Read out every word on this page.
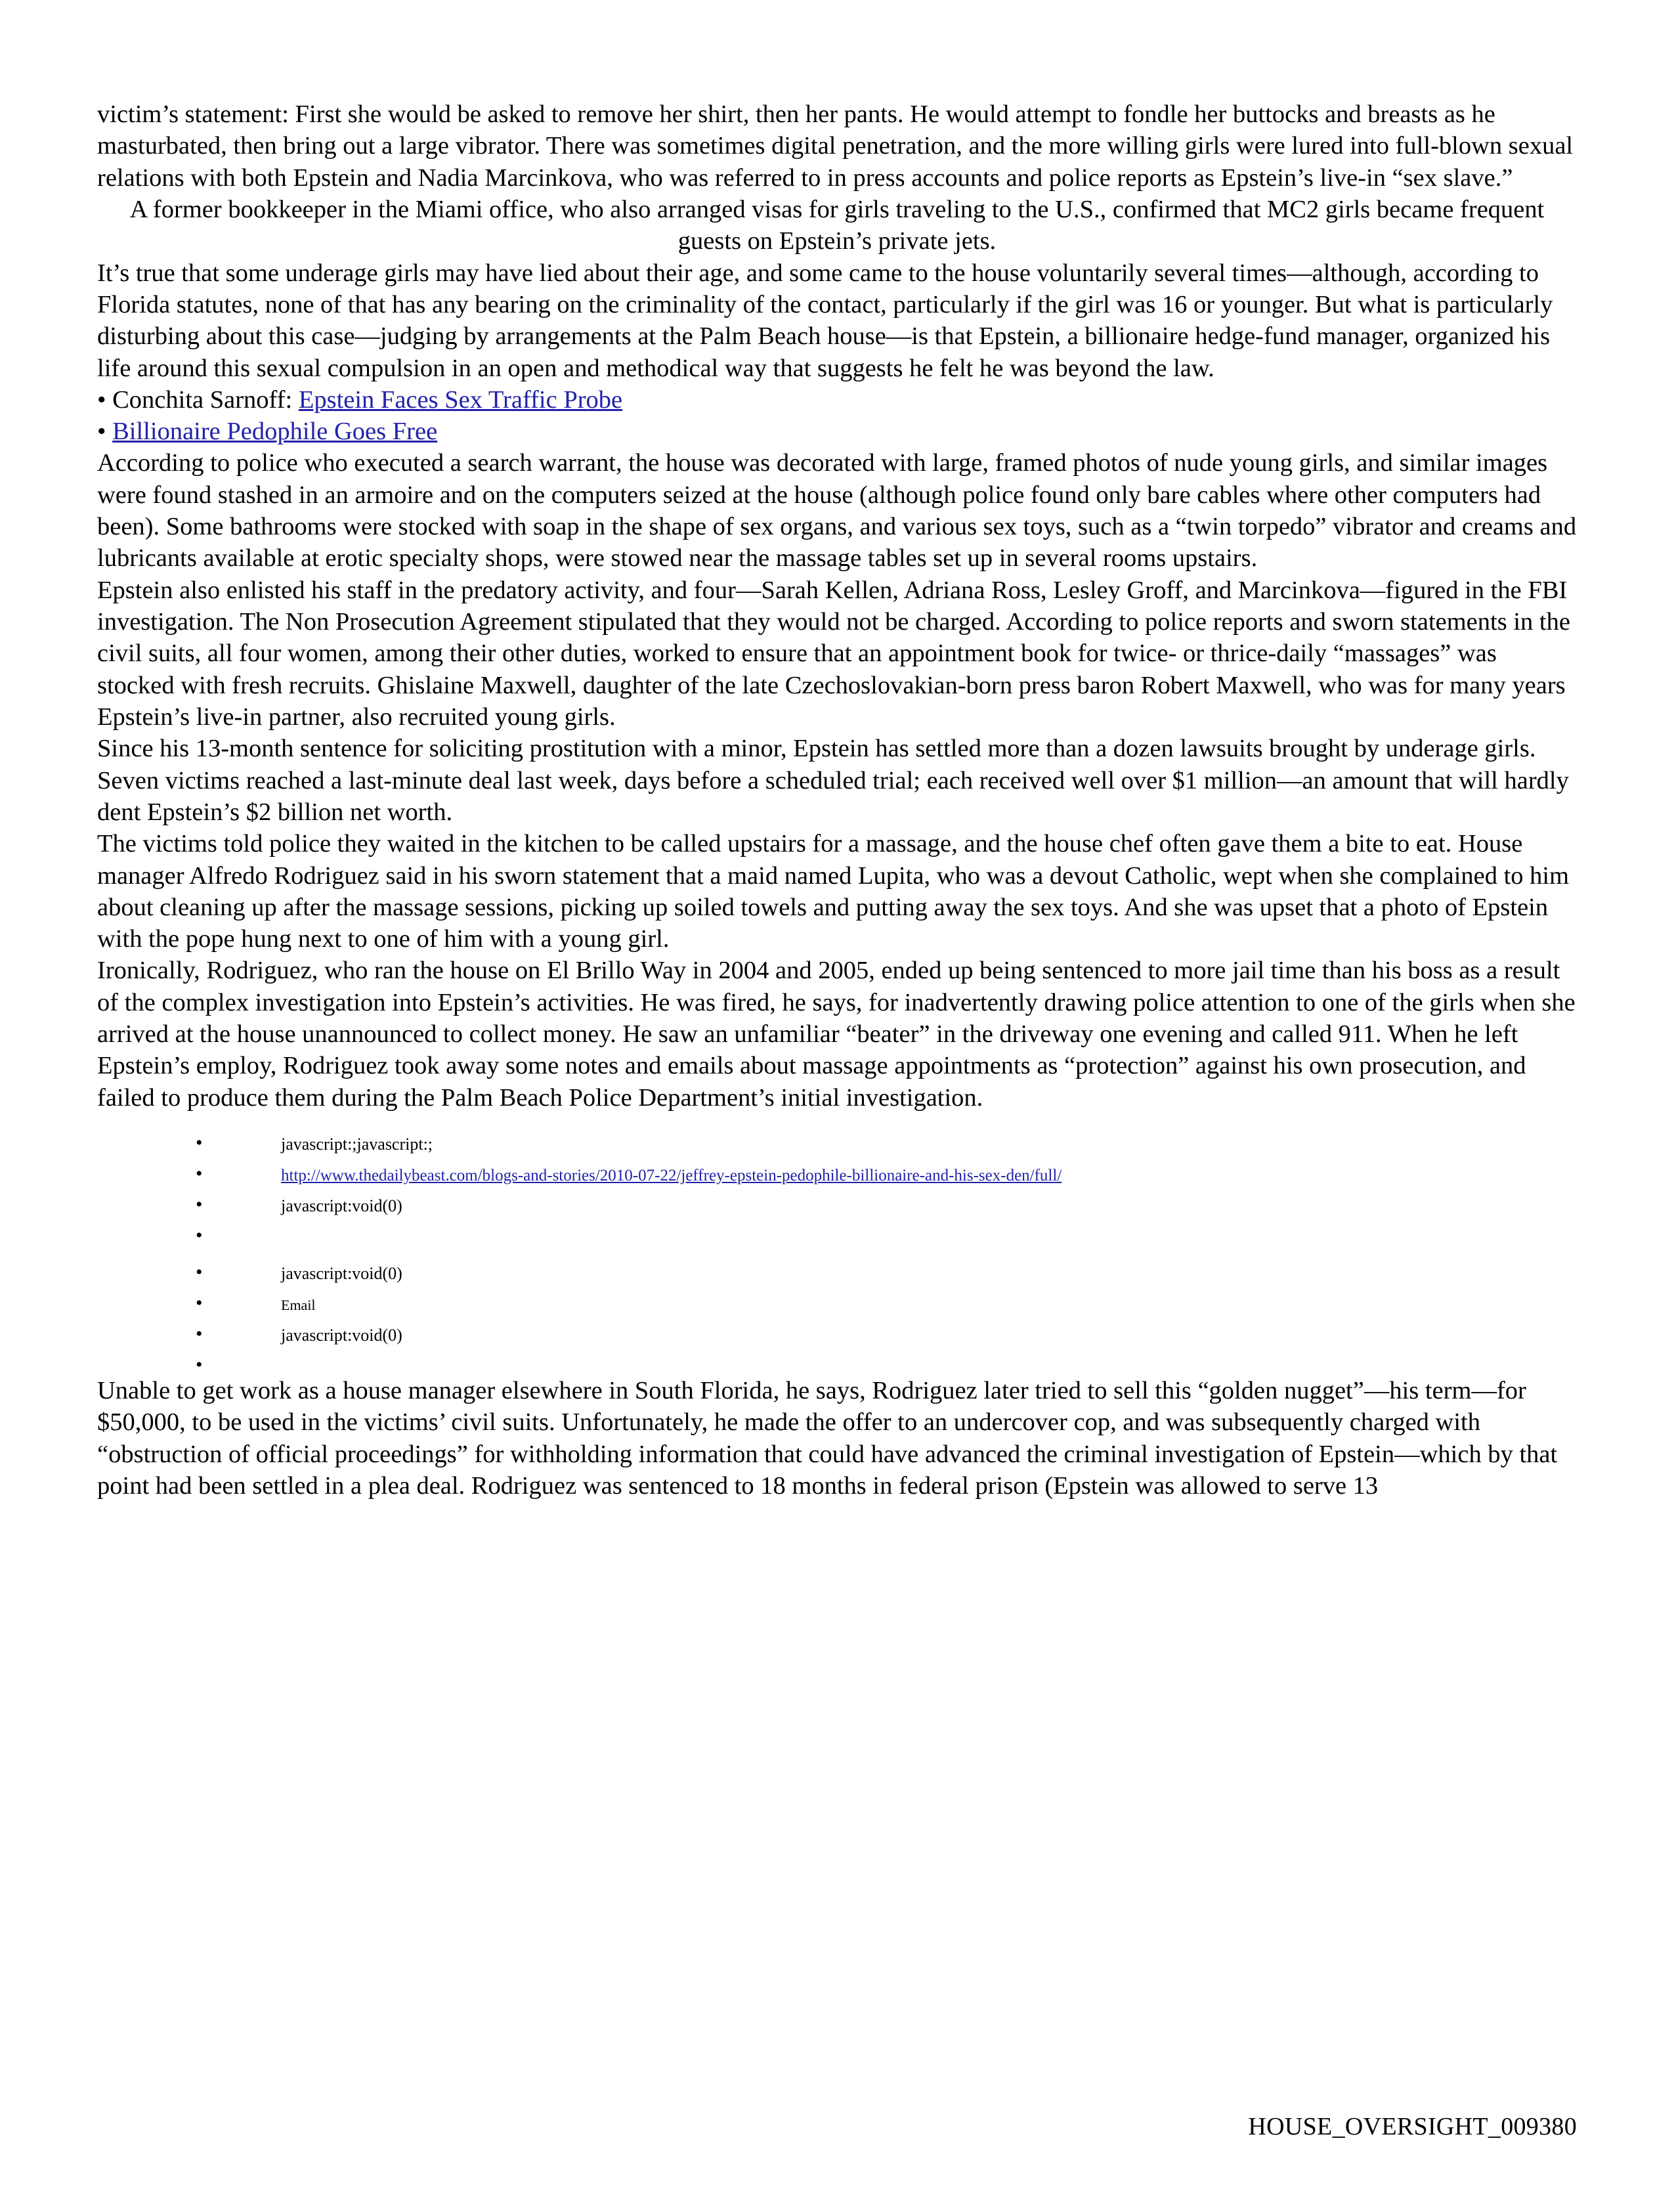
victim’s statement: First she would be asked to remove her shirt, then her pants. He would attempt to fondle her buttocks and breasts as he masturbated, then bring out a large vibrator. There was sometimes digital penetration, and the more willing girls were lured into full-blown sexual relations with both Epstein and Nadia Marcinkova, who was referred to in press accounts and police reports as Epstein’s live-in “sex slave.”

A former bookkeeper in the Miami office, who also arranged visas for girls traveling to the U.S., confirmed that MC2 girls became frequent guests on Epstein’s private jets.

It’s true that some underage girls may have lied about their age, and some came to the house voluntarily several times—although, according to Florida statutes, none of that has any bearing on the criminality of the contact, particularly if the girl was 16 or younger. But what is particularly disturbing about this case—judging by arrangements at the Palm Beach house—is that Epstein, a billionaire hedge-fund manager, organized his life around this sexual compulsion in an open and methodical way that suggests he felt he was beyond the law.

• Conchita Sarnoff: Epstein Faces Sex Traffic Probe

• Billionaire Pedophile Goes Free

According to police who executed a search warrant, the house was decorated with large, framed photos of nude young girls, and similar images were found stashed in an armoire and on the computers seized at the house (although police found only bare cables where other computers had been). Some bathrooms were stocked with soap in the shape of sex organs, and various sex toys, such as a “twin torpedo” vibrator and creams and lubricants available at erotic specialty shops, were stowed near the massage tables set up in several rooms upstairs.

Epstein also enlisted his staff in the predatory activity, and four—Sarah Kellen, Adriana Ross, Lesley Groff, and Marcinkova—figured in the FBI investigation. The Non Prosecution Agreement stipulated that they would not be charged. According to police reports and sworn statements in the civil suits, all four women, among their other duties, worked to ensure that an appointment book for twice- or thrice-daily “massages” was stocked with fresh recruits. Ghislaine Maxwell, daughter of the late Czechoslovakian-born press baron Robert Maxwell, who was for many years Epstein’s live-in partner, also recruited young girls.

Since his 13-month sentence for soliciting prostitution with a minor, Epstein has settled more than a dozen lawsuits brought by underage girls. Seven victims reached a last-minute deal last week, days before a scheduled trial; each received well over $1 million—an amount that will hardly dent Epstein’s $2 billion net worth.

The victims told police they waited in the kitchen to be called upstairs for a massage, and the house chef often gave them a bite to eat. House manager Alfredo Rodriguez said in his sworn statement that a maid named Lupita, who was a devout Catholic, wept when she complained to him about cleaning up after the massage sessions, picking up soiled towels and putting away the sex toys. And she was upset that a photo of Epstein with the pope hung next to one of him with a young girl.

Ironically, Rodriguez, who ran the house on El Brillo Way in 2004 and 2005, ended up being sentenced to more jail time than his boss as a result of the complex investigation into Epstein’s activities. He was fired, he says, for inadvertently drawing police attention to one of the girls when she arrived at the house unannounced to collect money. He saw an unfamiliar “beater” in the driveway one evening and called 911. When he left Epstein’s employ, Rodriguez took away some notes and emails about massage appointments as “protection” against his own prosecution, and failed to produce them during the Palm Beach Police Department’s initial investigation.

• javascript:;javascript:;
• http://www.thedailybeast.com/blogs-and-stories/2010-07-22/jeffrey-epstein-pedophile-billionaire-and-his-sex-den/full/
• javascript:void(0)
•
• javascript:void(0)
• Email
• javascript:void(0)
•

Unable to get work as a house manager elsewhere in South Florida, he says, Rodriguez later tried to sell this “golden nugget”—his term—for $50,000, to be used in the victims’ civil suits. Unfortunately, he made the offer to an undercover cop, and was subsequently charged with “obstruction of official proceedings” for withholding information that could have advanced the criminal investigation of Epstein—which by that point had been settled in a plea deal. Rodriguez was sentenced to 18 months in federal prison (Epstein was allowed to serve 13

HOUSE_OVERSIGHT_009380
